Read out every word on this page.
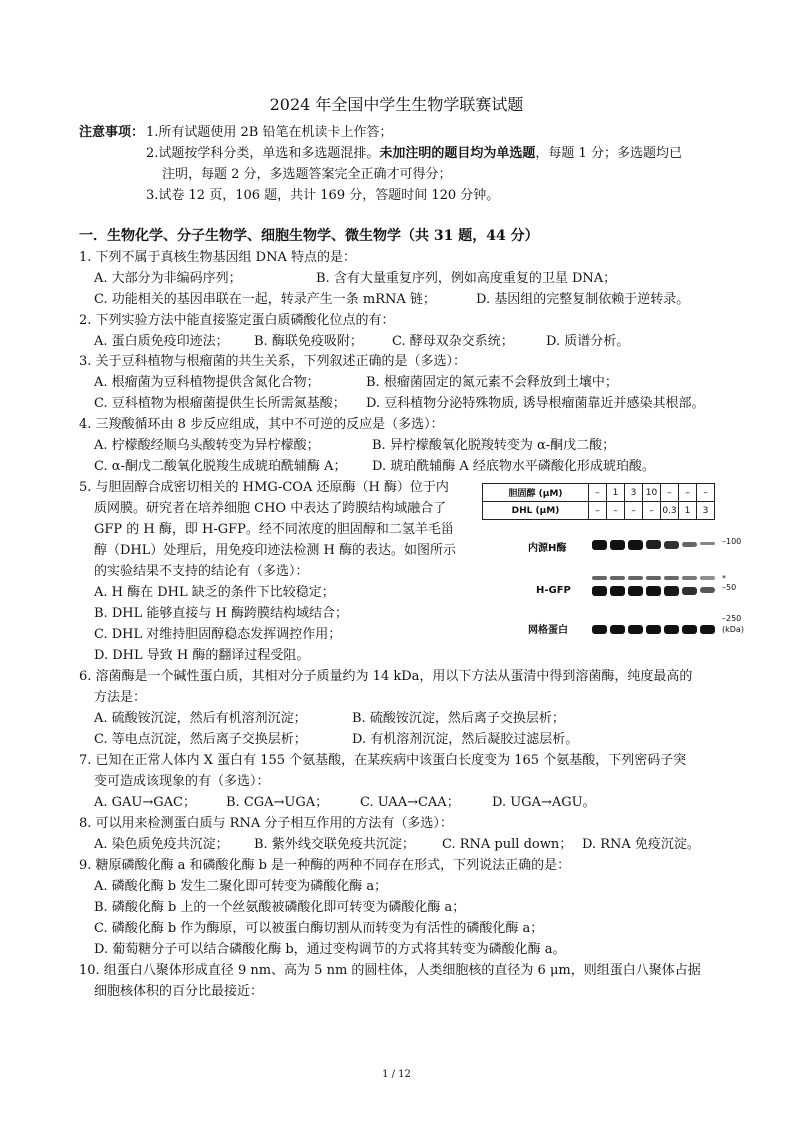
2024 年全国中学生生物学联赛试题
注意事项： 1.所有试题使用 2B 铅笔在机读卡上作答；
2.试题按学科分类，单选和多选题混排。未加注明的题目均为单选题，每题 1 分；多选题均已
注明，每题 2 分，多选题答案完全正确才可得分；
3.试卷 12 页，106 题，共计 169 分，答题时间 120 分钟。
一．生物化学、分子生物学、细胞生物学、微生物学（共 31 题，44 分）
1. 下列不属于真核生物基因组 DNA 特点的是：
A. 大部分为非编码序列；	B. 含有大量重复序列，例如高度重复的卫星 DNA；
C. 功能相关的基因串联在一起，转录产生一条 mRNA 链；	D. 基因组的完整复制依赖于逆转录。
2. 下列实验方法中能直接鉴定蛋白质磷酸化位点的有：
A. 蛋白质免疫印迹法； B. 酶联免疫吸附； C. 酵母双杂交系统； D. 质谱分析。
3. 关于豆科植物与根瘤菌的共生关系，下列叙述正确的是（多选）：
A. 根瘤菌为豆科植物提供含氮化合物；	B. 根瘤菌固定的氮元素不会释放到土壤中；
C. 豆科植物为根瘤菌提供生长所需氮基酸； D. 豆科植物分泌特殊物质, 诱导根瘤菌靠近并感染其根部。
4. 三羧酸循环由 8 步反应组成，其中不可逆的反应是（多选）：
A. 柠檬酸经顺乌头酸转变为异柠檬酸；	B. 异柠檬酸氧化脱羧转变为 α-酮戊二酸；
C. α-酮戊二酸氧化脱羧生成琥珀酰辅酶 A； D. 琥珀酰辅酶 A 经底物水平磷酸化形成琥珀酸。
5. 与胆固醇合成密切相关的 HMG-COA 还原酶（H 酶）位于内
质网膜。研究者在培养细胞 CHO 中表达了跨膜结构域融合了
GFP 的 H 酶，即 H-GFP。经不同浓度的胆固醇和二氢羊毛甾
醇（DHL）处理后，用免疫印迹法检测 H 酶的表达。如图所示
的实验结果不支持的结论有（多选）：
A. H 酶在 DHL 缺乏的条件下比较稳定；
B. DHL 能够直接与 H 酶跨膜结构域结合；
C. DHL 对维持胆固醇稳态发挥调控作用；
D. DHL 导致 H 酶的翻译过程受阻。
胆固醇 (μM)	–	1	3	10	–	–	–
DHL (μM)	–	–	–	–	0.3	1	3
内源H酶
H-GFP
网格蛋白
–100
*
–50
–250
(kDa)
6. 溶菌酶是一个碱性蛋白质，其相对分子质量约为 14 kDa，用以下方法从蛋清中得到溶菌酶，纯度最高的
方法是：
A. 硫酸铵沉淀，然后有机溶剂沉淀；	B. 硫酸铵沉淀，然后离子交换层析；
C. 等电点沉淀，然后离子交换层析；	D. 有机溶剂沉淀，然后凝胶过滤层析。
7. 已知在正常人体内 X 蛋白有 155 个氨基酸，在某疾病中该蛋白长度变为 165 个氨基酸，下列密码子突
变可造成该现象的有（多选）：
A. GAU→GAC； B. CGA→UGA； C. UAA→CAA； D. UGA→AGU。
8. 可以用来检测蛋白质与 RNA 分子相互作用的方法有（多选）：
A. 染色质免疫共沉淀； B. 紫外线交联免疫共沉淀； C. RNA pull down； D. RNA 免疫沉淀。
9. 糖原磷酸化酶 a 和磷酸化酶 b 是一种酶的两种不同存在形式，下列说法正确的是：
A. 磷酸化酶 b 发生二聚化即可转变为磷酸化酶 a；
B. 磷酸化酶 b 上的一个丝氨酸被磷酸化即可转变为磷酸化酶 a；
C. 磷酸化酶 b 作为酶原，可以被蛋白酶切割从而转变为有活性的磷酸化酶 a；
D. 葡萄糖分子可以结合磷酸化酶 b，通过变构调节的方式将其转变为磷酸化酶 a。
10. 组蛋白八聚体形成直径 9 nm、高为 5 nm 的圆柱体，人类细胞核的直径为 6 μm，则组蛋白八聚体占据
细胞核体积的百分比最接近：
1 / 12
